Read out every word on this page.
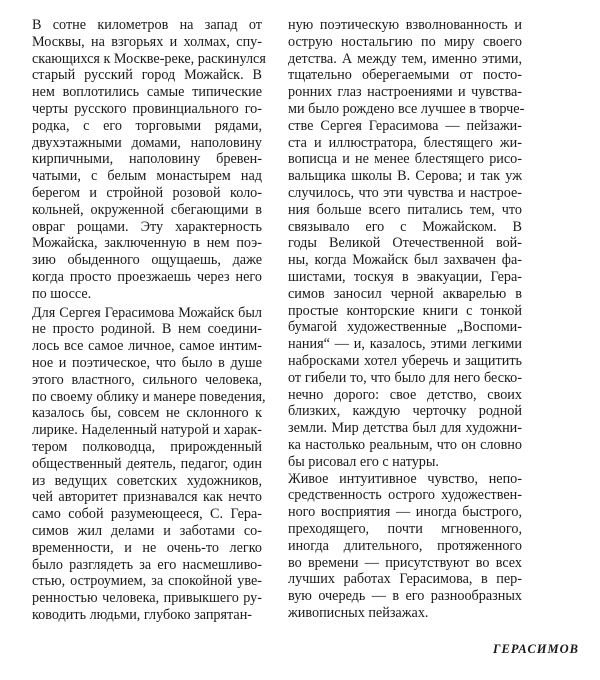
В сотне километров на запад от
Москвы, на взгорьях и холмах, спу-
скающихся к Москве-реке, раскинулся
старый русский город Можайск. В
нем воплотились самые типические
черты русского провинциального го-
родка, с его торговыми рядами,
двухэтажными домами, наполовину
кирпичными, наполовину бревен-
чатыми, с белым монастырем над
берегом и стройной розовой коло-
кольней, окруженной сбегающими в
овраг рощами. Эту характерность
Можайска, заключенную в нем поэ-
зию обыденного ощущаешь, даже
когда просто проезжаешь через него
по шоссе.

Для Сергея Герасимова Можайск был
не просто родиной. В нем соедини-
лось все самое личное, самое интим-
ное и поэтическое, что было в душе
этого властного, сильного человека,
по своему облику и манере поведения,
казалось бы, совсем не склонного к
лирике. Наделенный натурой и харак-
тером полководца, прирожденный
общественный деятель, педагог, один
из ведущих советских художников,
чей авторитет признавался как нечто
само собой разумеющееся, С. Гера-
симов жил делами и заботами со-
временности, и не очень-то легко
было разглядеть за его насмешливо-
стью, остроумием, за спокойной уве-
ренностью человека, привыкшего ру-
ководить людьми, глубоко запрятан-

ную поэтическую взволнованность и
острую ностальгию по миру своего
детства. А между тем, именно этими,
тщательно оберегаемыми от посто-
ронних глаз настроениями и чувства-
ми было рождено все лучшее в творче-
стве Сергея Герасимова — пейзажи-
ста и иллюстратора, блестящего жи-
вописца и не менее блестящего рисо-
вальщика школы В. Серова; и так уж
случилось, что эти чувства и настрое-
ния больше всего питались тем, что
связывало его с Можайском. В
годы Великой Отечественной вой-
ны, когда Можайск был захвачен фа-
шистами, тоскуя в эвакуации, Гера-
симов заносил черной акварелью в
простые конторские книги с тонкой
бумагой художественные „Воспоми-
нания“ — и, казалось, этими легкими
набросками хотел уберечь и защитить
от гибели то, что было для него беско-
нечно дорого: свое детство, своих
близких, каждую черточку родной
земли. Мир детства был для художни-
ка настолько реальным, что он словно
бы рисовал его с натуры.

Живое интуитивное чувство, непо-
средственность острого художествен-
ного восприятия — иногда быстрого,
преходящего, почти мгновенного,
иногда длительного, протяженного
во времени — присутствуют во всех
лучших работах Герасимова, в пер-
вую очередь — в его разнообразных
живописных пейзажах.

ГЕРАСИМОВ
